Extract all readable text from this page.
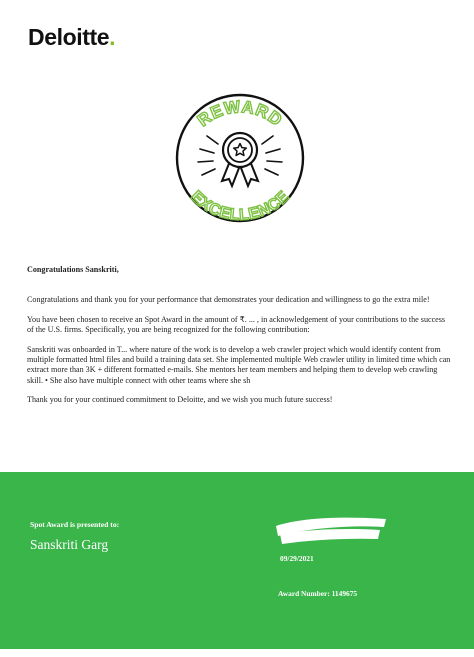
Deloitte.
REWARD
EXCELLENCE

Congratulations Sanskriti,

Congratulations and thank you for your performance that demonstrates your dedication and willingness to go the extra mile!

You have been chosen to receive an Spot Award in the amount of ₹. ... , in acknowledgement of your contributions to the success of the U.S. firms. Specifically, you are being recognized for the following contribution:

Sanskriti was onboarded in T... where nature of the work is to develop a web crawler project which would identify content from multiple formatted html files and build a training data set. She implemented multiple Web crawler utility in limited time which can extract more than 3K + different formatted e-mails. She mentors her team members and helping them to develop web crawling skill. • She also have multiple connect with other teams where she sh

Thank you for your continued commitment to Deloitte, and we wish you much future success!

Spot Award is presented to:
Sanskriti Garg
09/29/2021
Award Number: 1149675
